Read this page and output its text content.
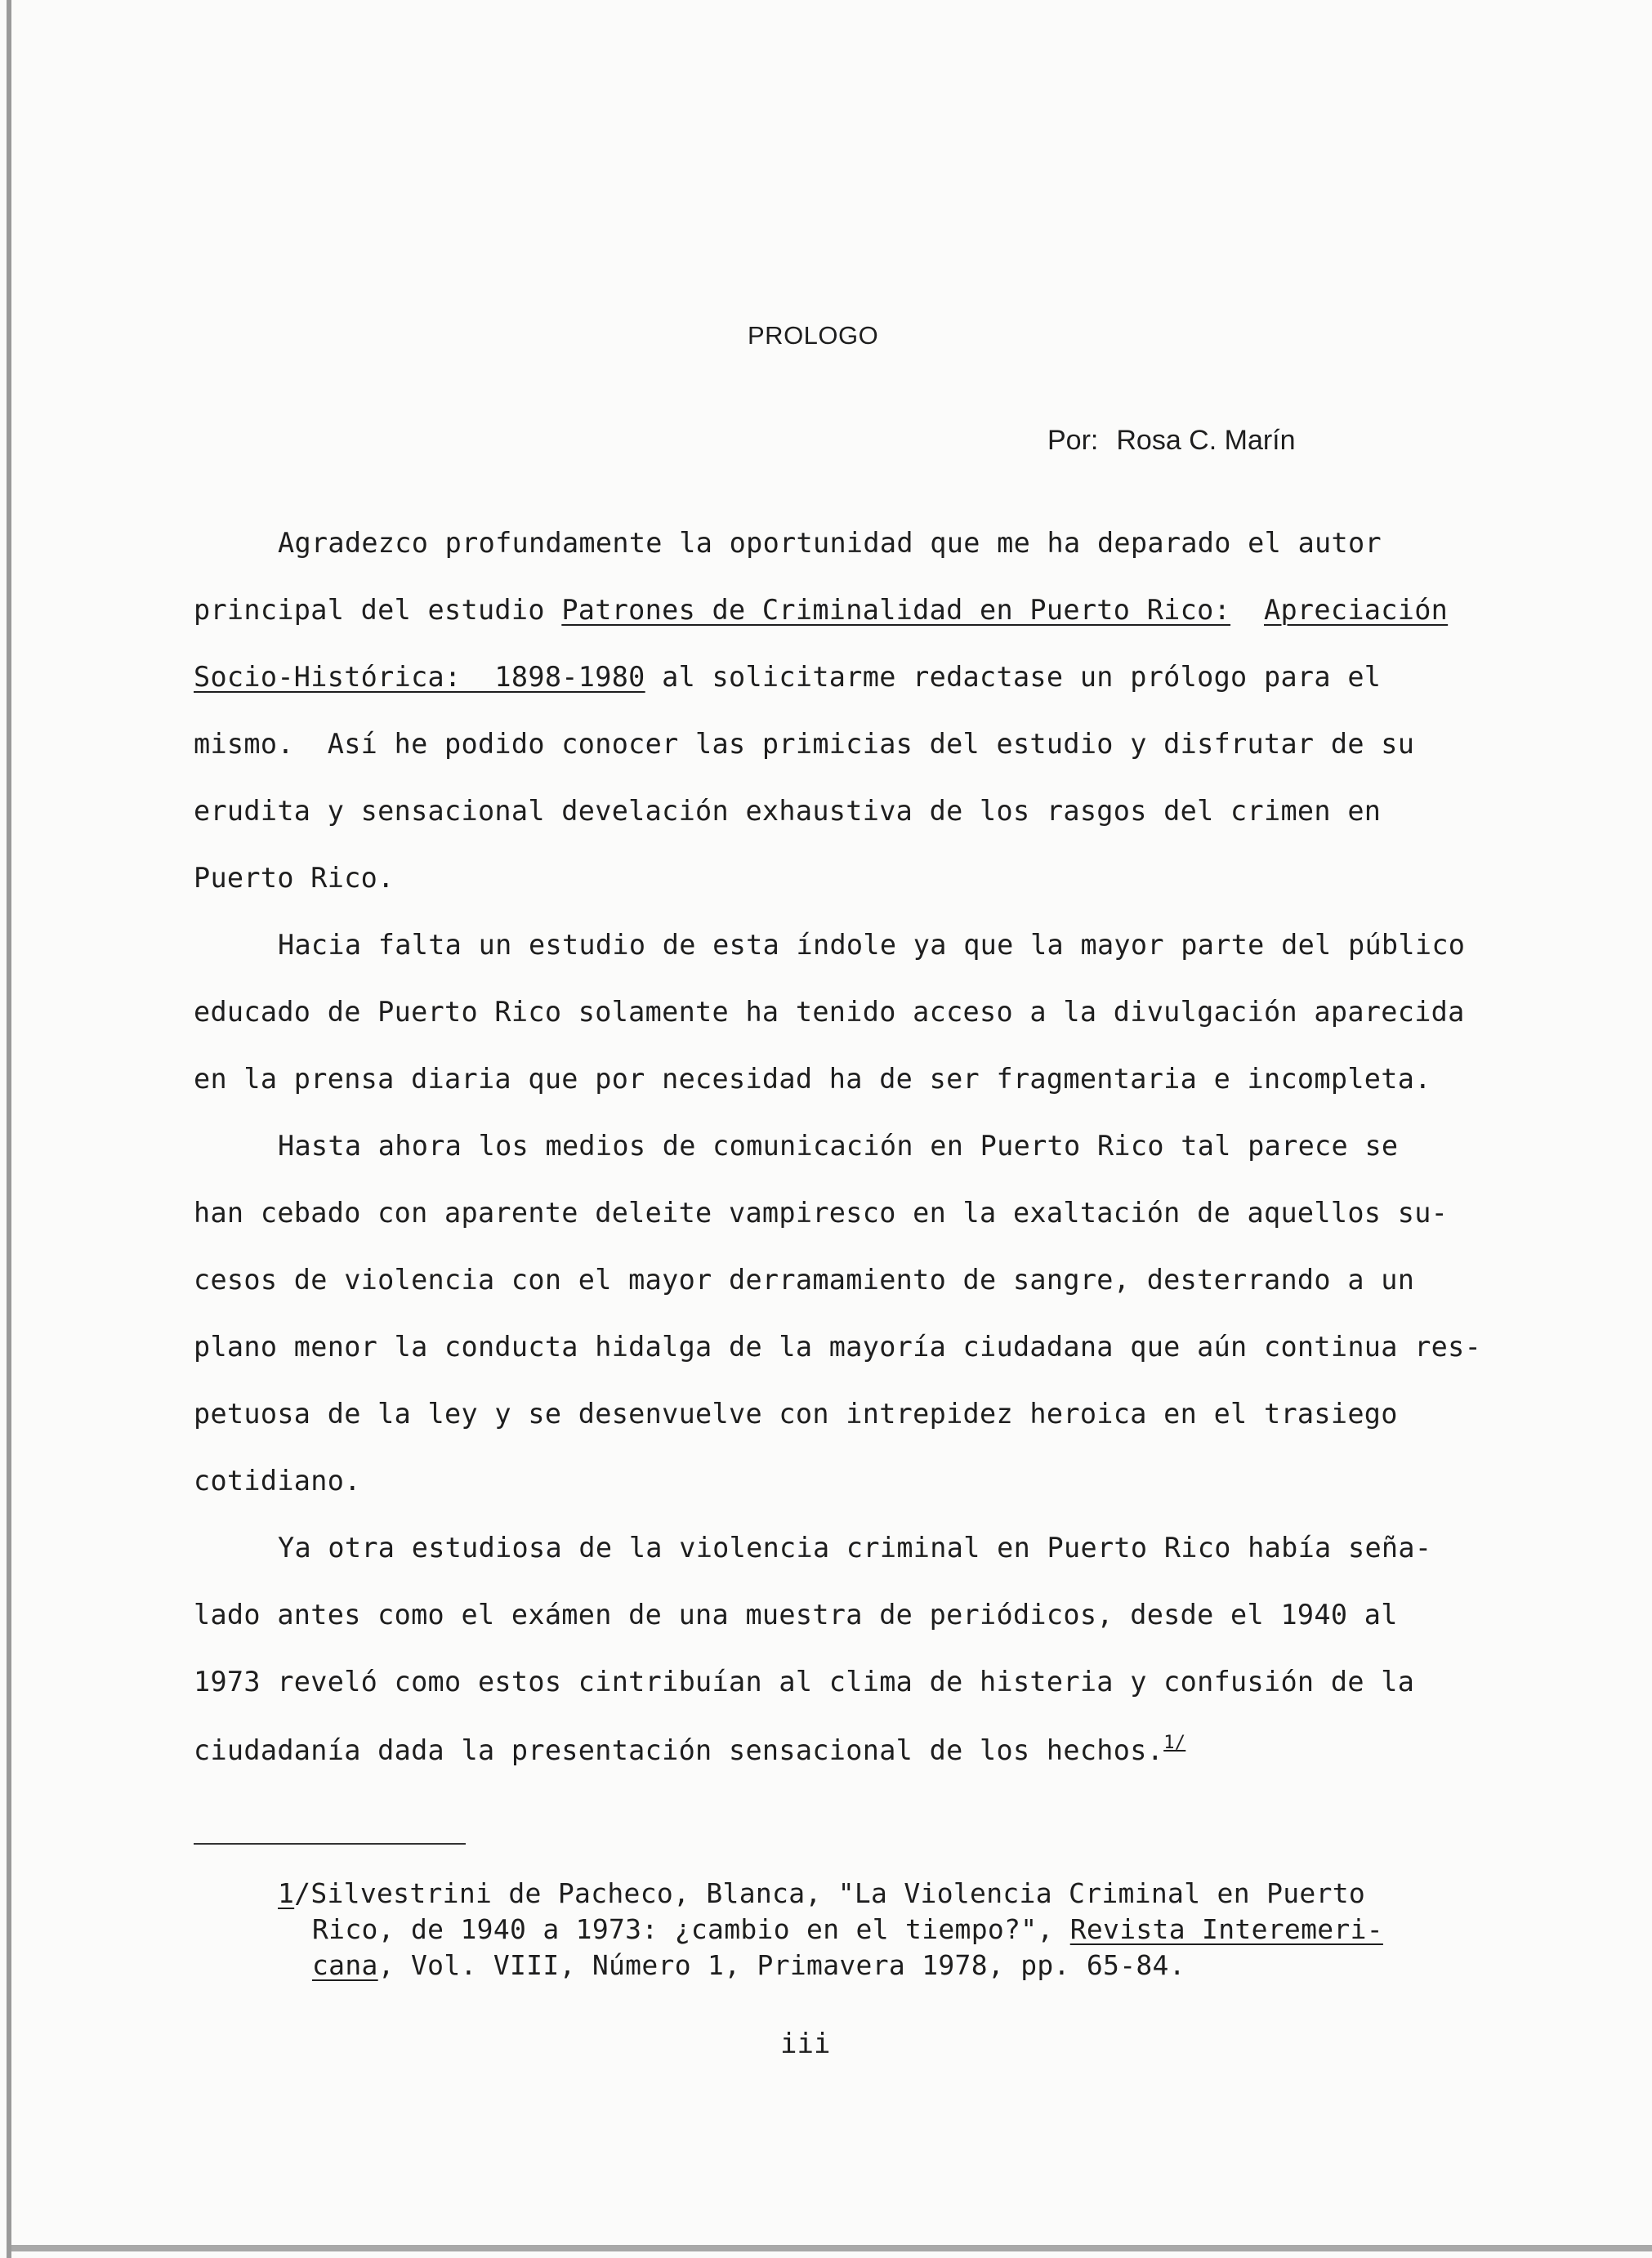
PROLOGO
Por: Rosa C. Marín
Agradezco profundamente la oportunidad que me ha deparado el autor
principal del estudio Patrones de Criminalidad en Puerto Rico: Apreciación
Socio-Histórica:  1898-1980 al solicitarme redactase un prólogo para el
mismo.  Así he podido conocer las primicias del estudio y disfrutar de su
erudita y sensacional develación exhaustiva de los rasgos del crimen en
Puerto Rico.
Hacia falta un estudio de esta índole ya que la mayor parte del público
educado de Puerto Rico solamente ha tenido acceso a la divulgación aparecida
en la prensa diaria que por necesidad ha de ser fragmentaria e incompleta.
Hasta ahora los medios de comunicación en Puerto Rico tal parece se
han cebado con aparente deleite vampiresco en la exaltación de aquellos su-
cesos de violencia con el mayor derramamiento de sangre, desterrando a un
plano menor la conducta hidalga de la mayoría ciudadana que aún continua res-
petuosa de la ley y se desenvuelve con intrepidez heroica en el trasiego
cotidiano.
Ya otra estudiosa de la violencia criminal en Puerto Rico había seña-
lado antes como el exámen de una muestra de periódicos, desde el 1940 al
1973 reveló como estos cintribuían al clima de histeria y confusión de la
ciudadanía dada la presentación sensacional de los hechos.$^{1/}$
1/Silvestrini de Pacheco, Blanca, "La Violencia Criminal en Puerto
Rico, de 1940 a 1973: ¿cambio en el tiempo?", Revista Interemeri-
cana, Vol. VIII, Número 1, Primavera 1978, pp. 65-84.
iii
